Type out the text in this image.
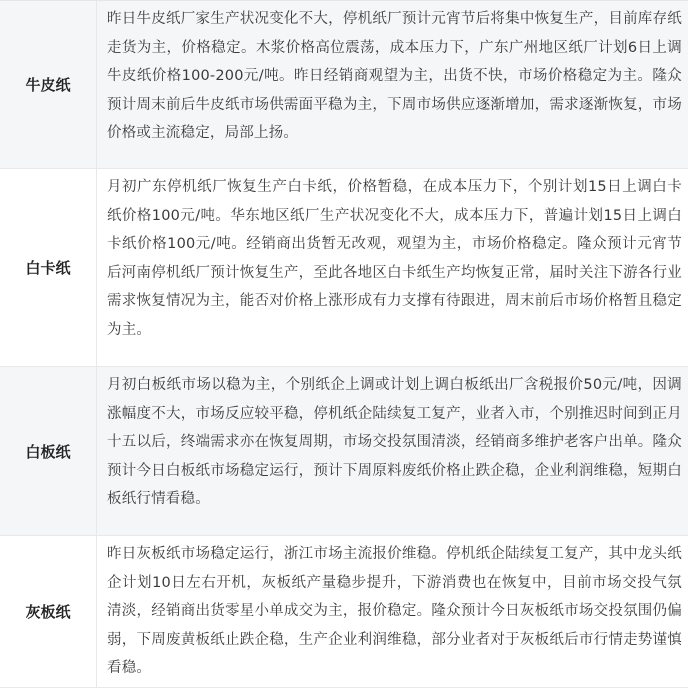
牛皮纸
昨日牛皮纸厂家生产状况变化不大，停机纸厂预计元宵节后将集中恢复生产，目前库存纸走货为主，价格稳定。木浆价格高位震荡，成本压力下，广东广州地区纸厂计划6日上调牛皮纸价格100-200元/吨。昨日经销商观望为主，出货不快，市场价格稳定为主。隆众预计周末前后牛皮纸市场供需面平稳为主，下周市场供应逐渐增加，需求逐渐恢复，市场价格或主流稳定，局部上扬。
白卡纸
月初广东停机纸厂恢复生产白卡纸，价格暂稳，在成本压力下，个别计划15日上调白卡纸价格100元/吨。华东地区纸厂生产状况变化不大，成本压力下，普遍计划15日上调白卡纸价格100元/吨。经销商出货暂无改观，观望为主，市场价格稳定。隆众预计元宵节后河南停机纸厂预计恢复生产，至此各地区白卡纸生产均恢复正常，届时关注下游各行业需求恢复情况为主，能否对价格上涨形成有力支撑有待跟进，周末前后市场价格暂且稳定为主。
白板纸
月初白板纸市场以稳为主，个别纸企上调或计划上调白板纸出厂含税报价50元/吨，因调涨幅度不大，市场反应较平稳，停机纸企陆续复工复产，业者入市，个别推迟时间到正月十五以后，终端需求亦在恢复周期，市场交投氛围清淡，经销商多维护老客户出单。隆众预计今日白板纸市场稳定运行，预计下周原料废纸价格止跌企稳，企业利润维稳，短期白板纸行情看稳。
灰板纸
昨日灰板纸市场稳定运行，浙江市场主流报价维稳。停机纸企陆续复工复产，其中龙头纸企计划10日左右开机，灰板纸产量稳步提升，下游消费也在恢复中，目前市场交投气氛清淡，经销商出货零星小单成交为主，报价稳定。隆众预计今日灰板纸市场交投氛围仍偏弱，下周废黄板纸止跌企稳，生产企业利润维稳，部分业者对于灰板纸后市行情走势谨慎看稳。
